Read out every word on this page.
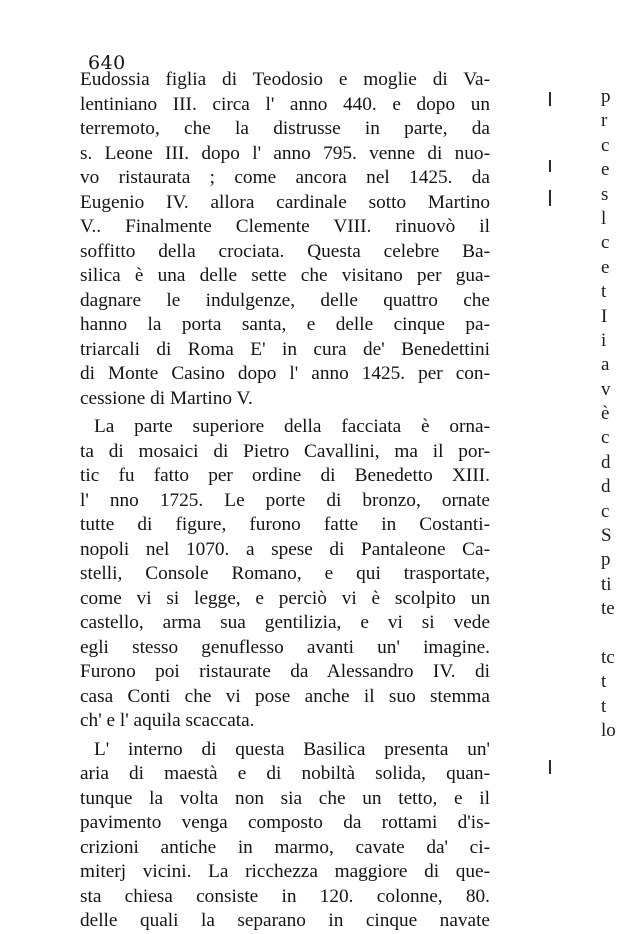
640
Eudossia figlia di Teodosio e moglie di Va-
lentiniano III. circa l' anno 440. e dopo un
terremoto, che la distrusse in parte, da
s. Leone III. dopo l' anno 795. venne di nuo-
vo ristaurata ; come ancora nel 1425. da
Eugenio IV. allora cardinale sotto Martino
V.. Finalmente Clemente VIII. rinuovò il
soffitto della crociata. Questa celebre Ba-
silica è una delle sette che visitano per gua-
dagnare le indulgenze, delle quattro che
hanno la porta santa, e delle cinque pa-
triarcali di Roma E' in cura de' Benedettini
di Monte Casino dopo l' anno 1425. per con-
cessione di Martino V.
La parte superiore della facciata è orna-
ta di mosaici di Pietro Cavallini, ma il por-
tic fu fatto per ordine di Benedetto XIII.
l' nno 1725. Le porte di bronzo, ornate
tutte di figure, furono fatte in Costanti-
nopoli nel 1070. a spese di Pantaleone Ca-
stelli, Console Romano, e qui trasportate,
come vi si legge, e perciò vi è scolpito un
castello, arma sua gentilizia, e vi si vede
egli stesso genuflesso avanti un' imagine.
Furono poi ristaurate da Alessandro IV. di
casa Conti che vi pose anche il suo stemma
ch' e l' aquila scaccata.
L' interno di questa Basilica presenta un'
aria di maestà e di nobiltà solida, quan-
tunque la volta non sia che un tetto, e il
pavimento venga composto da rottami d'is-
crizioni antiche in marmo, cavate da' ci-
miterj vicini. La ricchezza maggiore di que-
sta chiesa consiste in 120. colonne, 80.
delle quali la separano in cinque navate
p
r
c
e
s
l
c
e
t
I
i
a
v
è
c
d
d
c
S
p
ti
te
tc
t
t
lo
